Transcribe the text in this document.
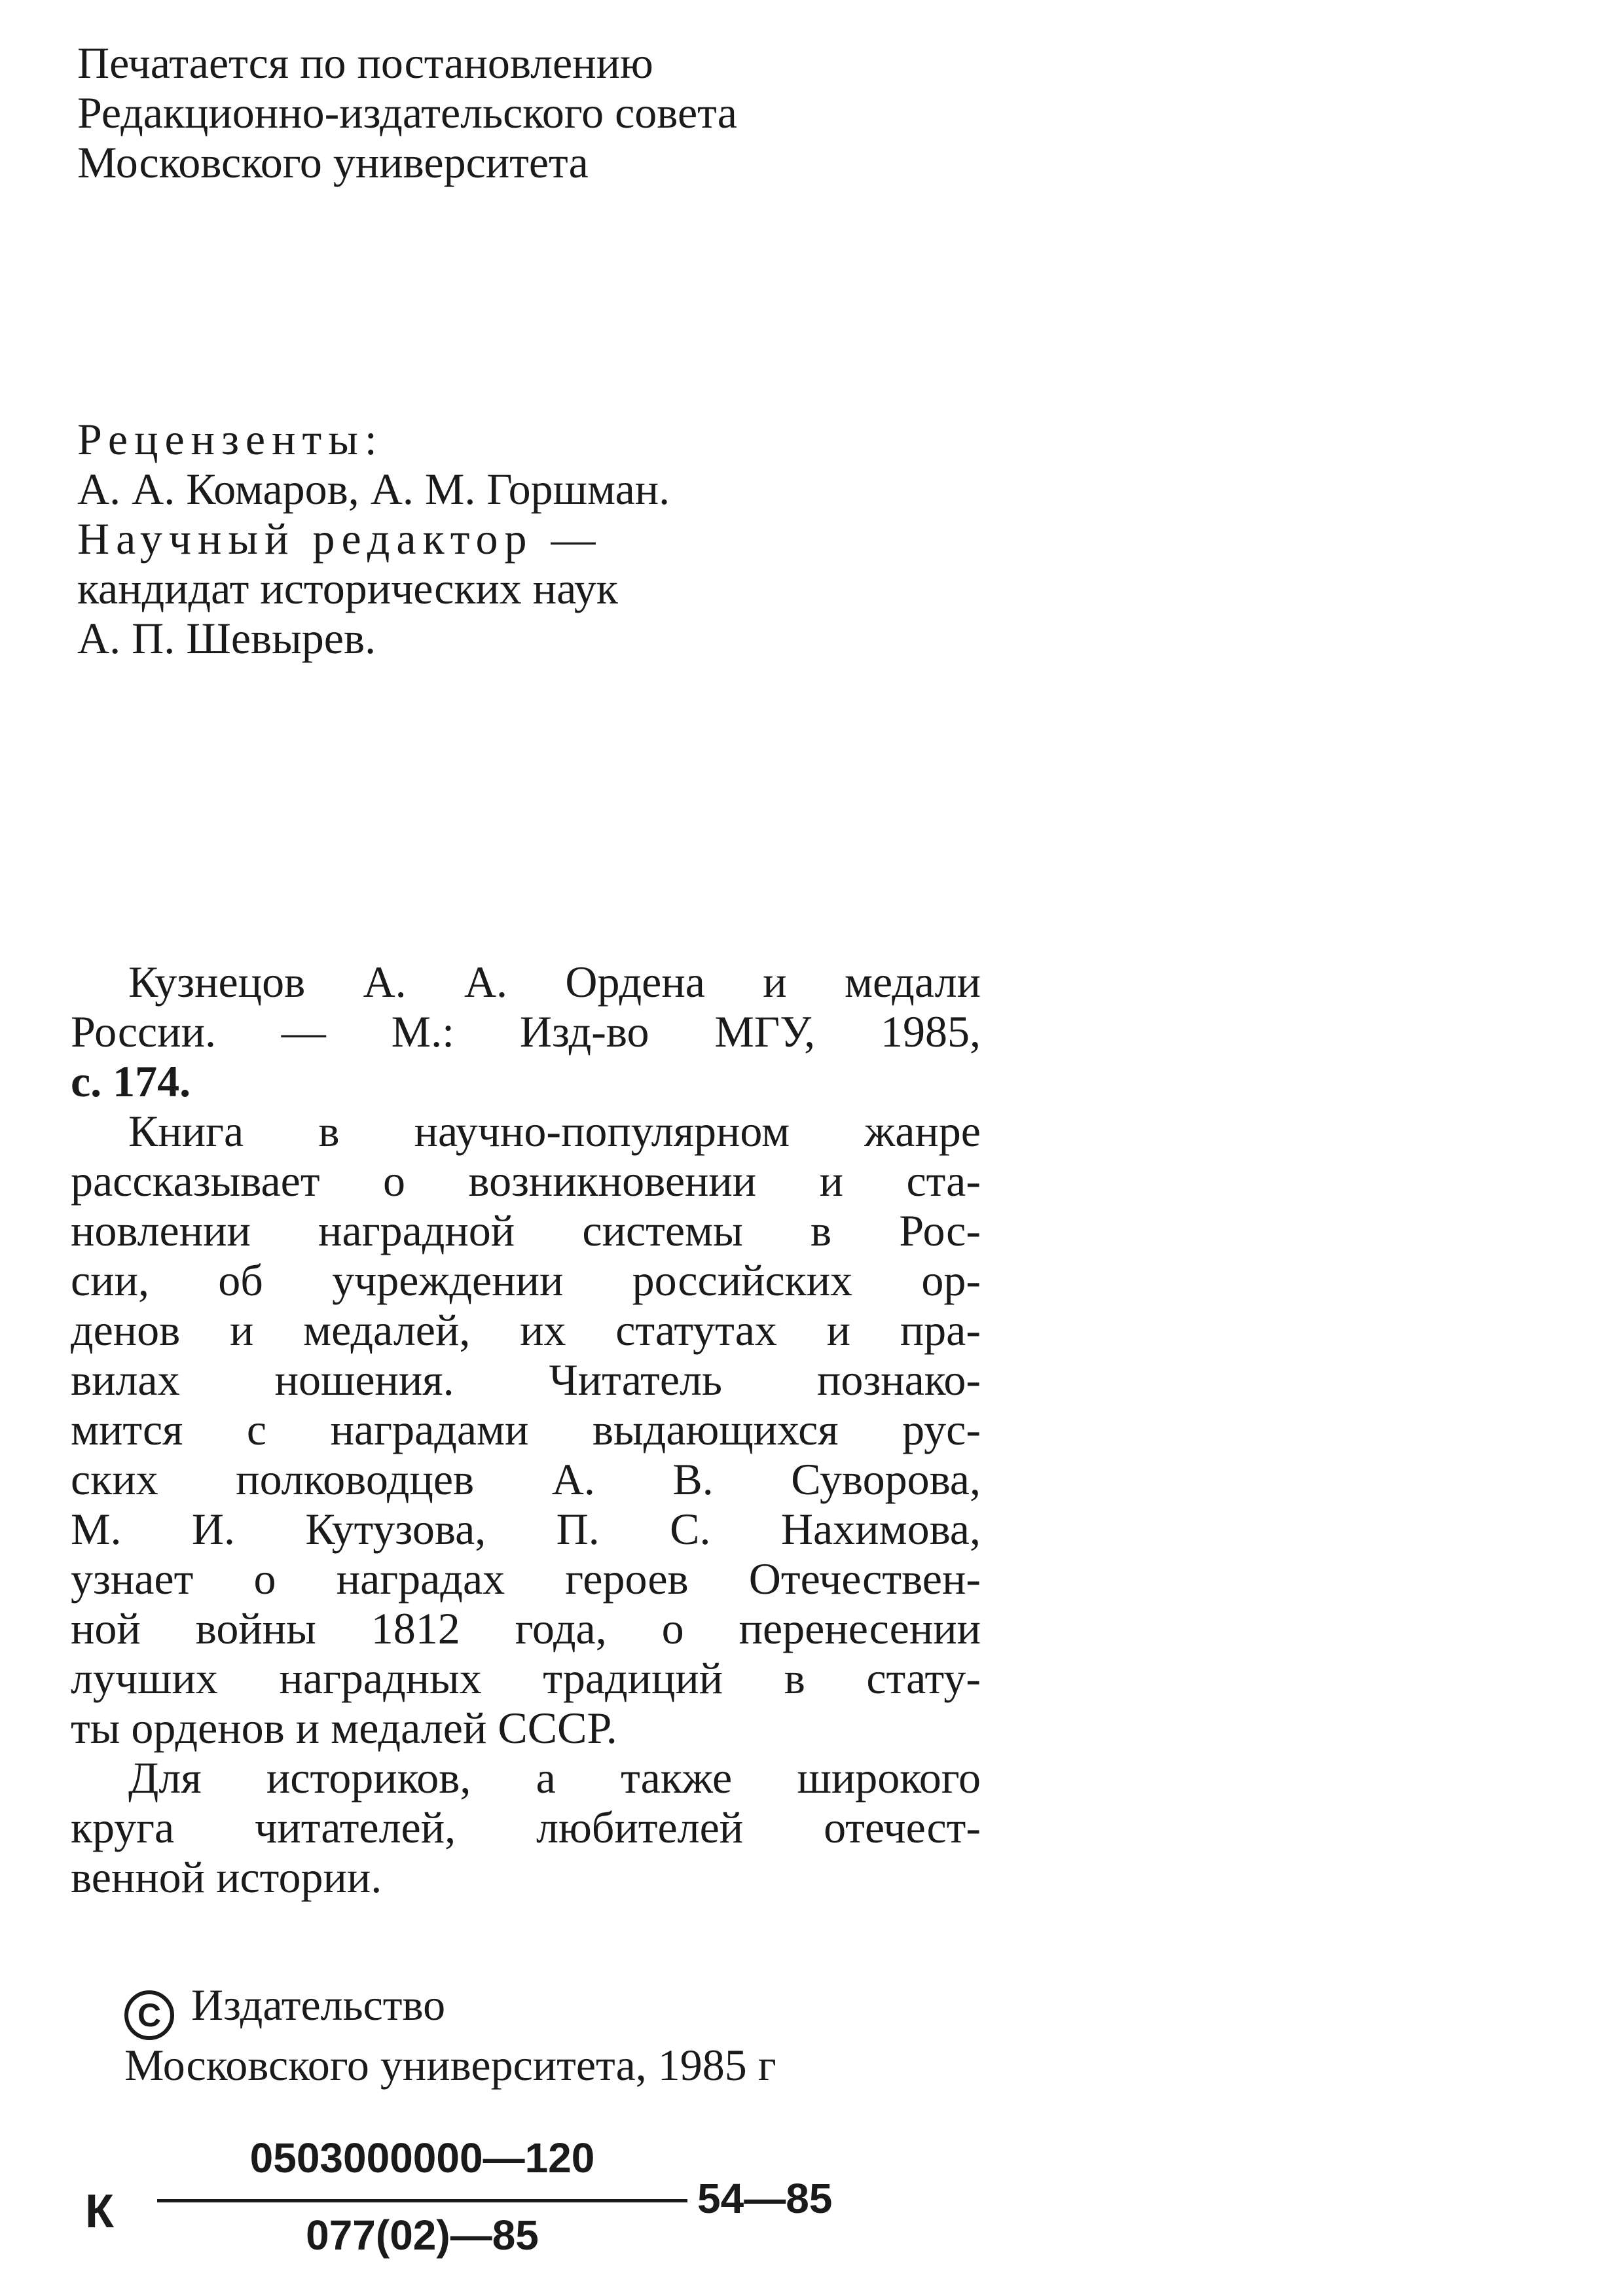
Печатается по постановлению
Редакционно-издательского совета
Московского университета
Рецензенты:
А. А. Комаров, А. М. Горшман.
Научный редактор —
кандидат исторических наук
А. П. Шевырев.
Кузнецов А. А. Ордена и медали
России. — М.: Изд-во МГУ, 1985,
с. 174.
Книга в научно-популярном жанре
рассказывает о возникновении и ста-
новлении наградной системы в Рос-
сии, об учреждении российских ор-
денов и медалей, их статутах и пра-
вилах ношения. Читатель познако-
мится с наградами выдающихся рус-
ских полководцев А. В. Суворова,
М. И. Кутузова, П. С. Нахимова,
узнает о наградах героев Отечествен-
ной войны 1812 года, о перенесении
лучших наградных традиций в стату-
ты орденов и медалей СССР.
Для историков, а также широкого
круга читателей, любителей отечест-
венной истории.
C Издательство
Московского университета, 1985 г
К
0503000000—120
077(02)—85
54—85
